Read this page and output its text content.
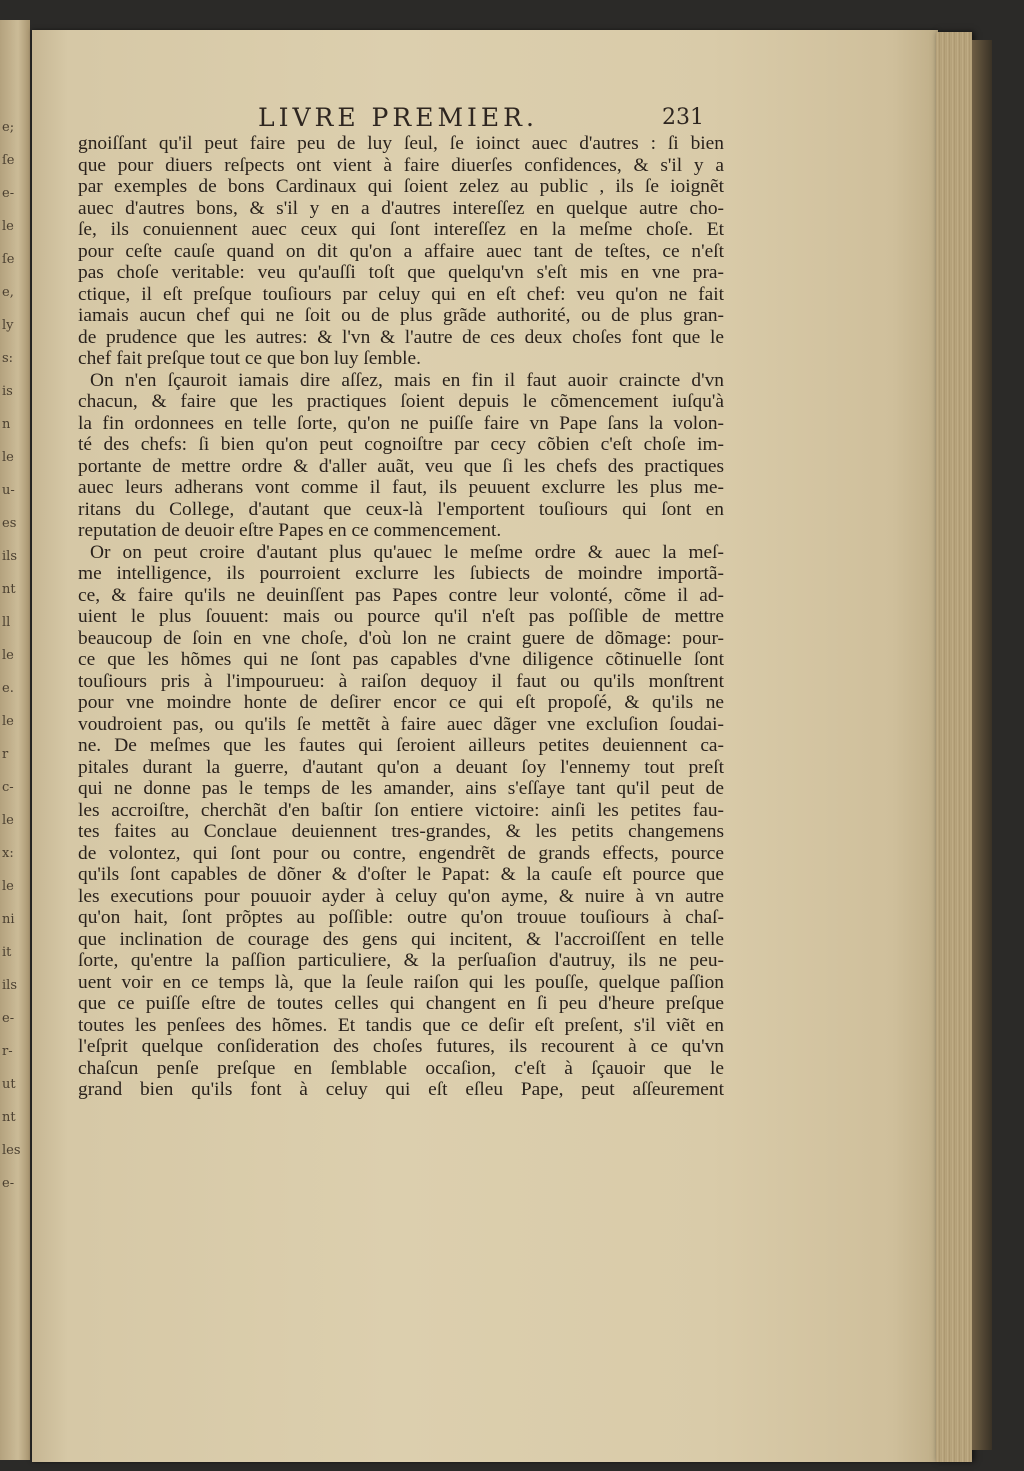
e;
ſe
e-
le
ſe
e,
ly
s:
is
n
le
u-
es
ils
nt
ll
le
e.
le
r
c-
le
x:
le
ni
it
ils
e-
r-
ut
nt
les
e-
LIVRE PREMIER.	231
gnoiſſant qu'il peut faire peu de luy ſeul, ſe ioinct auec d'autres : ſi bien
que pour diuers reſpects ont vient à faire diuerſes confidences, & s'il y a
par exemples de bons Cardinaux qui ſoient zelez au public , ils ſe ioignẽt
auec d'autres bons, & s'il y en a d'autres intereſſez en quelque autre cho-
ſe, ils conuiennent auec ceux qui ſont intereſſez en la meſme choſe. Et
pour ceſte cauſe quand on dit qu'on a affaire auec tant de teſtes, ce n'eſt
pas choſe veritable: veu qu'auſſi toſt que quelqu'vn s'eſt mis en vne pra-
ctique, il eſt preſque touſiours par celuy qui en eſt chef: veu qu'on ne fait
iamais aucun chef qui ne ſoit ou de plus grãde authorité, ou de plus gran-
de prudence que les autres: & l'vn & l'autre de ces deux choſes font que le
chef fait preſque tout ce que bon luy ſemble.
On n'en ſçauroit iamais dire aſſez, mais en fin il faut auoir craincte d'vn
chacun, & faire que les practiques ſoient depuis le cõmencement iuſqu'à
la fin ordonnees en telle ſorte, qu'on ne puiſſe faire vn Pape ſans la volon-
té des chefs: ſi bien qu'on peut cognoiſtre par cecy cõbien c'eſt choſe im-
portante de mettre ordre & d'aller auãt, veu que ſi les chefs des practiques
auec leurs adherans vont comme il faut, ils peuuent exclurre les plus me-
ritans du College, d'autant que ceux-là l'emportent touſiours qui ſont en
reputation de deuoir eſtre Papes en ce commencement.
Or on peut croire d'autant plus qu'auec le meſme ordre & auec la meſ-
me intelligence, ils pourroient exclurre les ſubiects de moindre importã-
ce, & faire qu'ils ne deuinſſent pas Papes contre leur volonté, cõme il ad-
uient le plus ſouuent: mais ou pource qu'il n'eſt pas poſſible de mettre
beaucoup de ſoin en vne choſe, d'où lon ne craint guere de dõmage: pour-
ce que les hõmes qui ne ſont pas capables d'vne diligence cõtinuelle ſont
touſiours pris à l'impourueu: à raiſon dequoy il faut ou qu'ils monſtrent
pour vne moindre honte de deſirer encor ce qui eſt propoſé, & qu'ils ne
voudroient pas, ou qu'ils ſe mettẽt à faire auec dãger vne excluſion ſoudai-
ne. De meſmes que les fautes qui ſeroient ailleurs petites deuiennent ca-
pitales durant la guerre, d'autant qu'on a deuant ſoy l'ennemy tout preſt
qui ne donne pas le temps de les amander, ains s'eſſaye tant qu'il peut de
les accroiſtre, cherchãt d'en baſtir ſon entiere victoire: ainſi les petites fau-
tes faites au Conclaue deuiennent tres-grandes, & les petits changemens
de volontez, qui ſont pour ou contre, engendrẽt de grands effects, pource
qu'ils ſont capables de dõner & d'oſter le Papat: & la cauſe eſt pource que
les executions pour pouuoir ayder à celuy qu'on ayme, & nuire à vn autre
qu'on hait, ſont prõptes au poſſible: outre qu'on trouue touſiours à chaſ-
que inclination de courage des gens qui incitent, & l'accroiſſent en telle
ſorte, qu'entre la paſſion particuliere, & la perſuaſion d'autruy, ils ne peu-
uent voir en ce temps là, que la ſeule raiſon qui les pouſſe, quelque paſſion
que ce puiſſe eſtre de toutes celles qui changent en ſi peu d'heure preſque
toutes les penſees des hõmes. Et tandis que ce deſir eſt preſent, s'il viẽt en
l'eſprit quelque conſideration des choſes futures, ils recourent à ce qu'vn
chaſcun penſe preſque en ſemblable occaſion, c'eſt à ſçauoir que le
grand bien qu'ils font à celuy qui eſt eſleu Pape, peut aſſeurement
